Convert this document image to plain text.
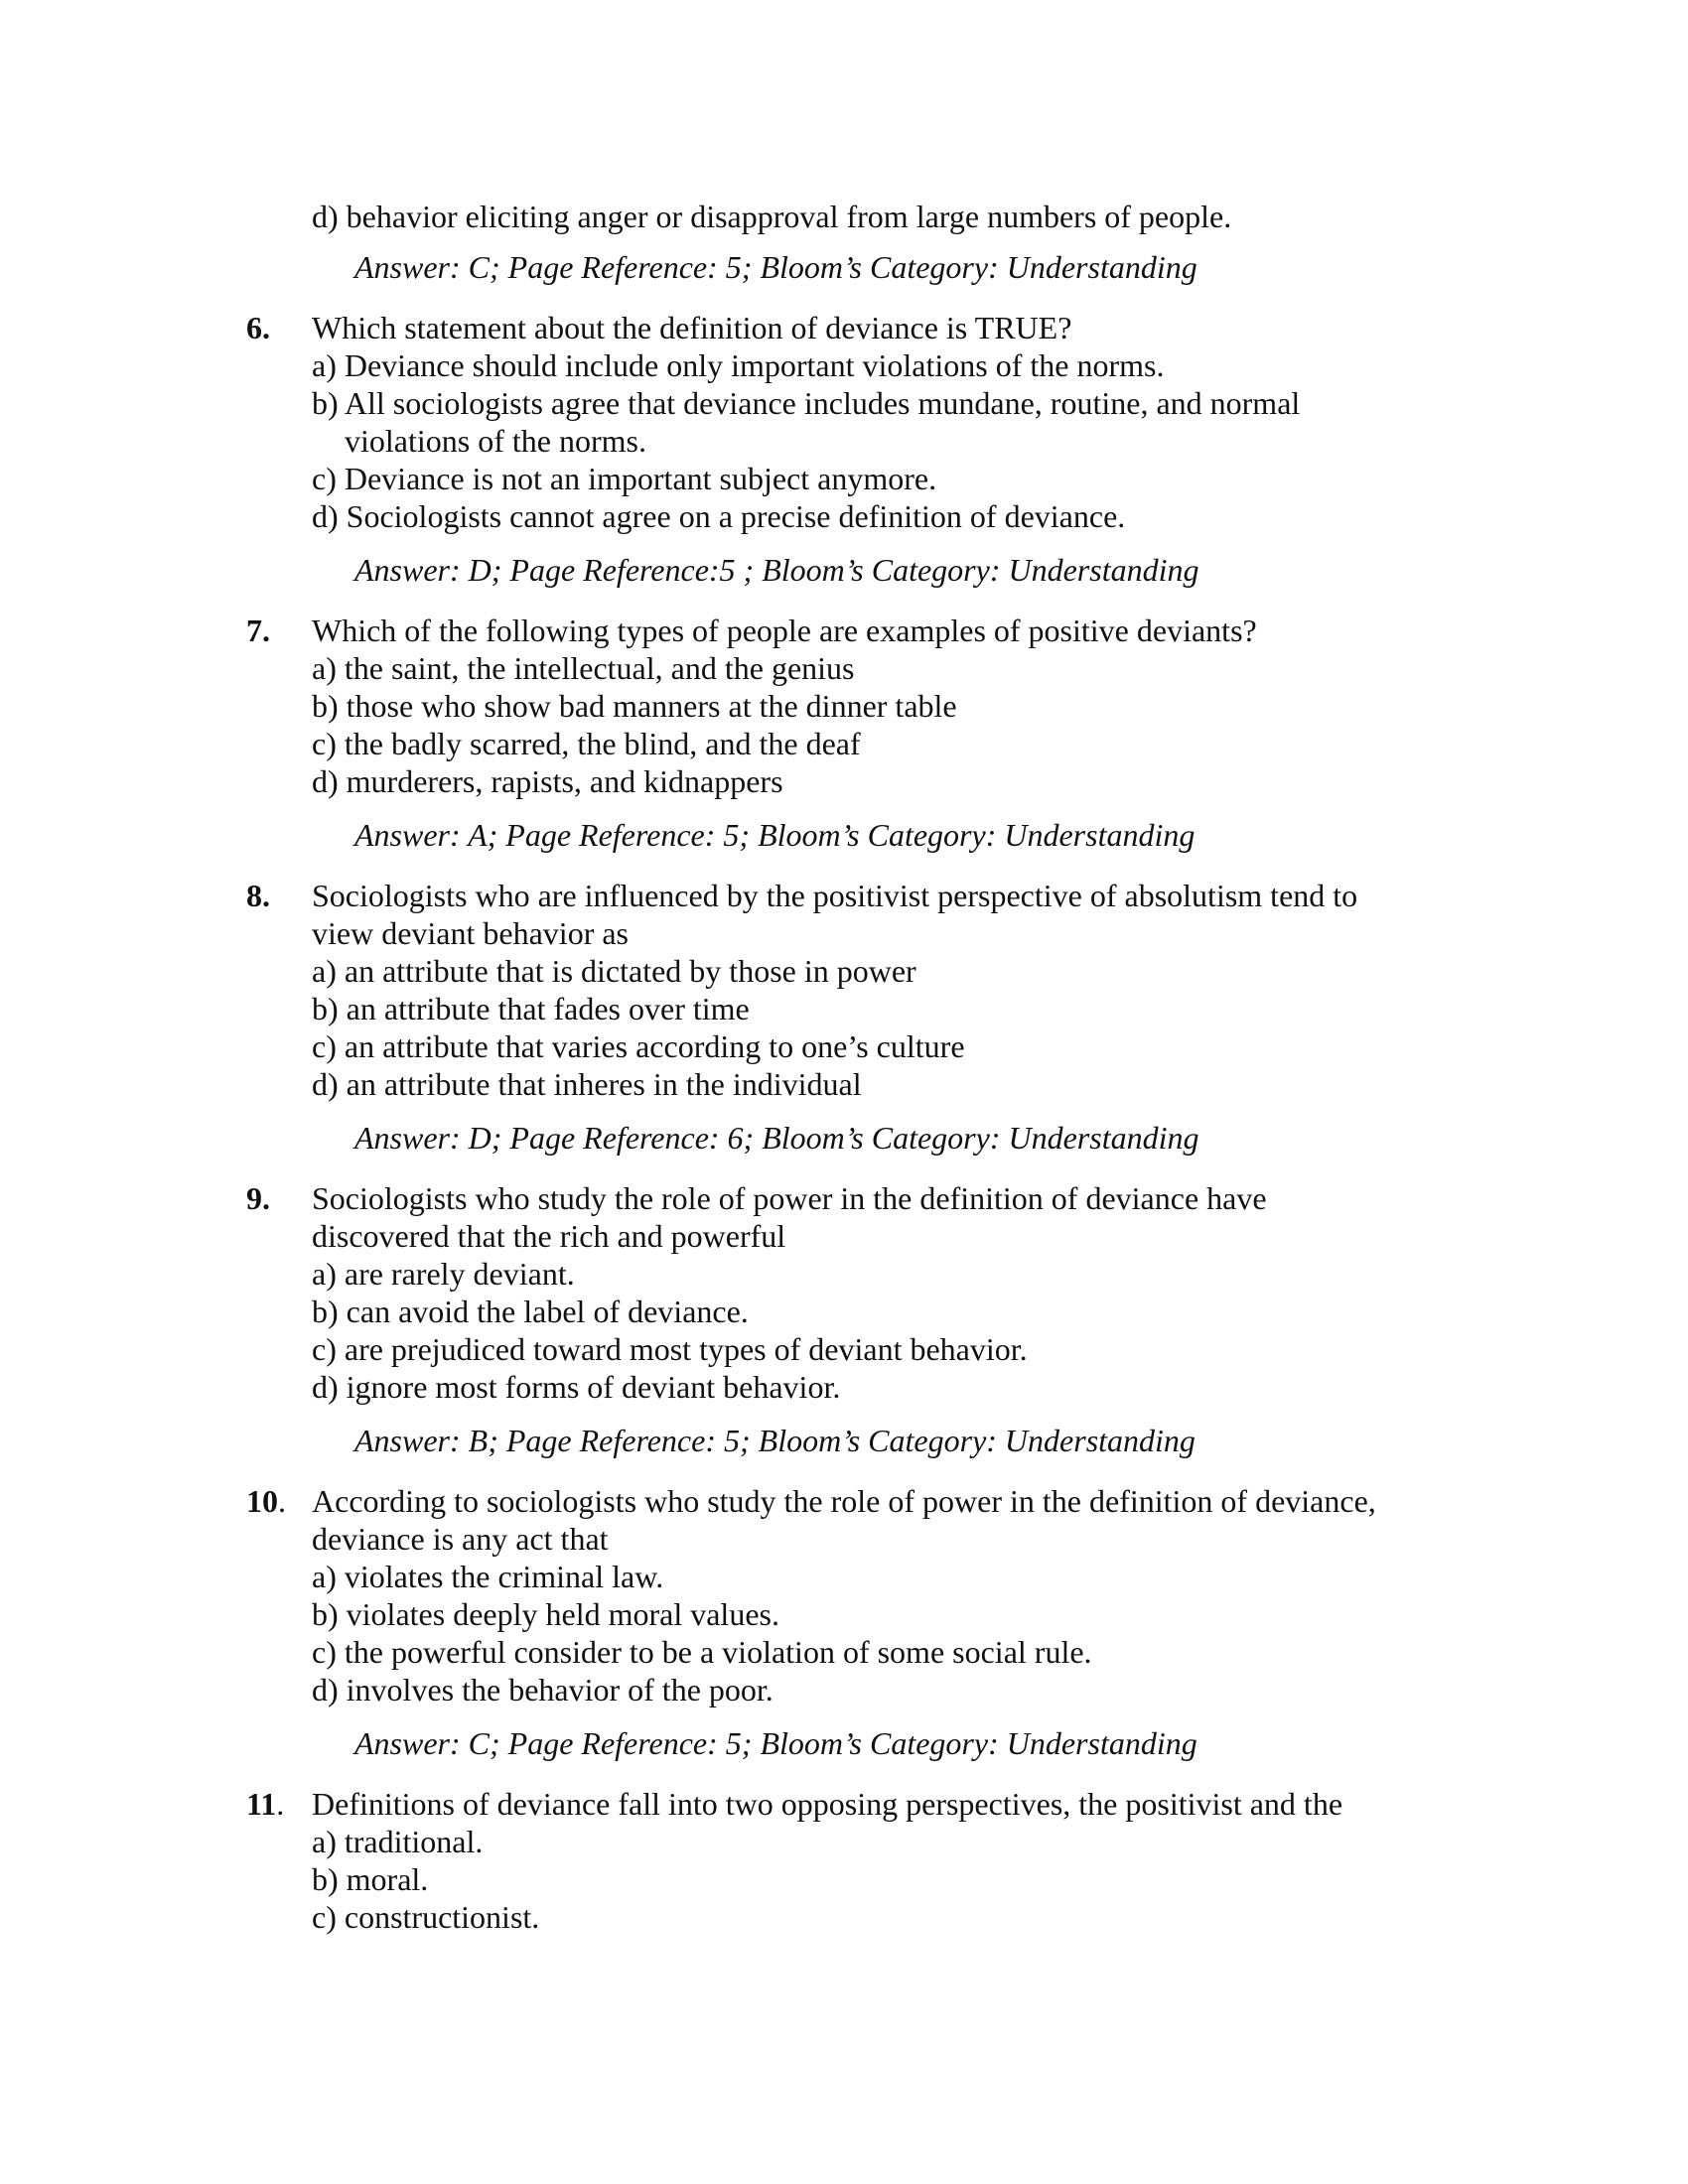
d) behavior eliciting anger or disapproval from large numbers of people.
Answer: C; Page Reference: 5; Bloom’s Category: Understanding
6. Which statement about the definition of deviance is TRUE?
a) Deviance should include only important violations of the norms.
b) All sociologists agree that deviance includes mundane, routine, and normal
violations of the norms.
c) Deviance is not an important subject anymore.
d) Sociologists cannot agree on a precise definition of deviance.
Answer: D; Page Reference:5 ; Bloom’s Category: Understanding
7. Which of the following types of people are examples of positive deviants?
a) the saint, the intellectual, and the genius
b) those who show bad manners at the dinner table
c) the badly scarred, the blind, and the deaf
d) murderers, rapists, and kidnappers
Answer: A; Page Reference: 5; Bloom’s Category: Understanding
8. Sociologists who are influenced by the positivist perspective of absolutism tend to
view deviant behavior as
a) an attribute that is dictated by those in power
b) an attribute that fades over time
c) an attribute that varies according to one’s culture
d) an attribute that inheres in the individual
Answer: D; Page Reference: 6; Bloom’s Category: Understanding
9. Sociologists who study the role of power in the definition of deviance have
discovered that the rich and powerful
a) are rarely deviant.
b) can avoid the label of deviance.
c) are prejudiced toward most types of deviant behavior.
d) ignore most forms of deviant behavior.
Answer: B; Page Reference: 5; Bloom’s Category: Understanding
10. According to sociologists who study the role of power in the definition of deviance,
deviance is any act that
a) violates the criminal law.
b) violates deeply held moral values.
c) the powerful consider to be a violation of some social rule.
d) involves the behavior of the poor.
Answer: C; Page Reference: 5; Bloom’s Category: Understanding
11. Definitions of deviance fall into two opposing perspectives, the positivist and the
a) traditional.
b) moral.
c) constructionist.
